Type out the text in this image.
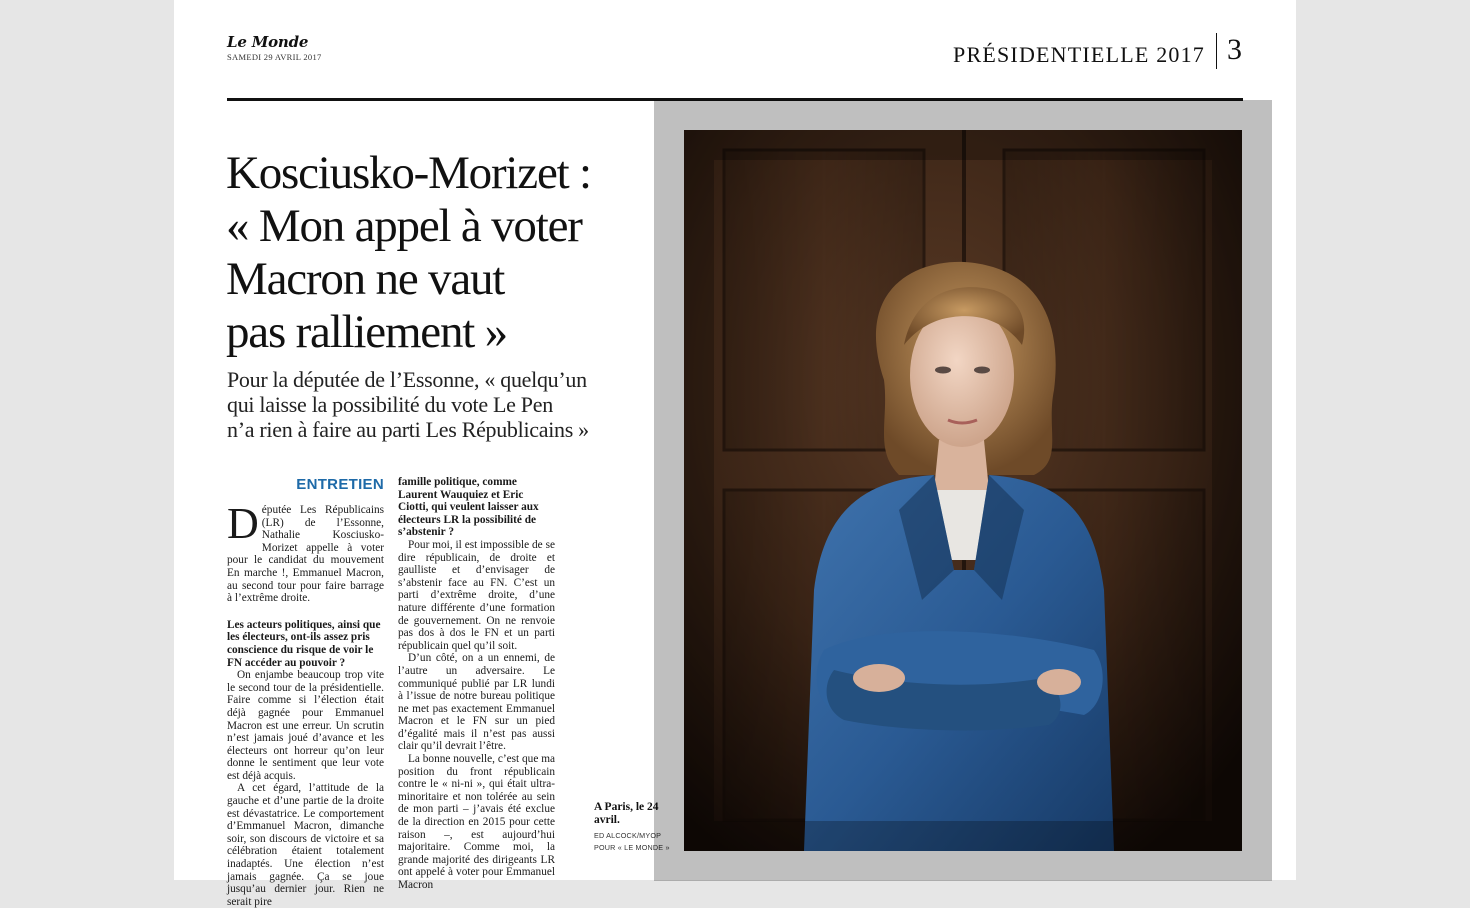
Le Monde
SAMEDI 29 AVRIL 2017	PRÉSIDENTIELLE 2017 3
Kosciusko-Morizet :
« Mon appel à voter
Macron ne vaut
pas ralliement »
Pour la députée de l’Essonne, « quelqu’un
qui laisse la possibilité du vote Le Pen
n’a rien à faire au parti Les Républicains »
ENTRETIEN

Députée Les Républicains (LR) de l’Essonne, Nathalie Kosciusko-Morizet appelle à voter pour le candidat du mouvement En marche !, Emmanuel Macron, au second tour pour faire barrage à l’extrême droite.

Les acteurs politiques, ainsi que les électeurs, ont-ils assez pris conscience du risque de voir le FN accéder au pouvoir ?

On enjambe beaucoup trop vite le second tour de la présidentielle. Faire comme si l’élection était déjà gagnée pour Emmanuel Macron est une erreur. Un scrutin n’est jamais joué d’avance et les électeurs ont horreur qu’on leur donne le sentiment que leur vote est déjà acquis.

A cet égard, l’attitude de la gauche et d’une partie de la droite est dévastatrice. Le comportement d’Emmanuel Macron, dimanche soir, son discours de victoire et sa célébration étaient totalement inadaptés. Une élection n’est jamais gagnée. Ça se joue jusqu’au dernier jour. Rien ne serait pire

famille politique, comme Laurent Wauquiez et Eric Ciotti, qui veulent laisser aux électeurs LR la possibilité de s’abstenir ?

Pour moi, il est impossible de se dire républicain, de droite et gaulliste et d’envisager de s’abstenir face au FN. C’est un parti d’extrême droite, d’une nature différente d’une formation de gouvernement. On ne renvoie pas dos à dos le FN et un parti républicain quel qu’il soit.

D’un côté, on a un ennemi, de l’autre un adversaire. Le communiqué publié par LR lundi à l’issue de notre bureau politique ne met pas exactement Emmanuel Macron et le FN sur un pied d’égalité mais il n’est pas aussi clair qu’il devrait l’être.

La bonne nouvelle, c’est que ma position du front républicain contre le « ni-ni », qui était ultra-minoritaire et non tolérée au sein de mon parti – j’avais été exclue de la direction en 2015 pour cette raison –, est aujourd’hui majoritaire. Comme moi, la grande majorité des dirigeants LR ont appelé à voter pour Emmanuel Macron

A Paris, le 24 avril.
ED ALCOCK/MYOP
POUR « LE MONDE »
